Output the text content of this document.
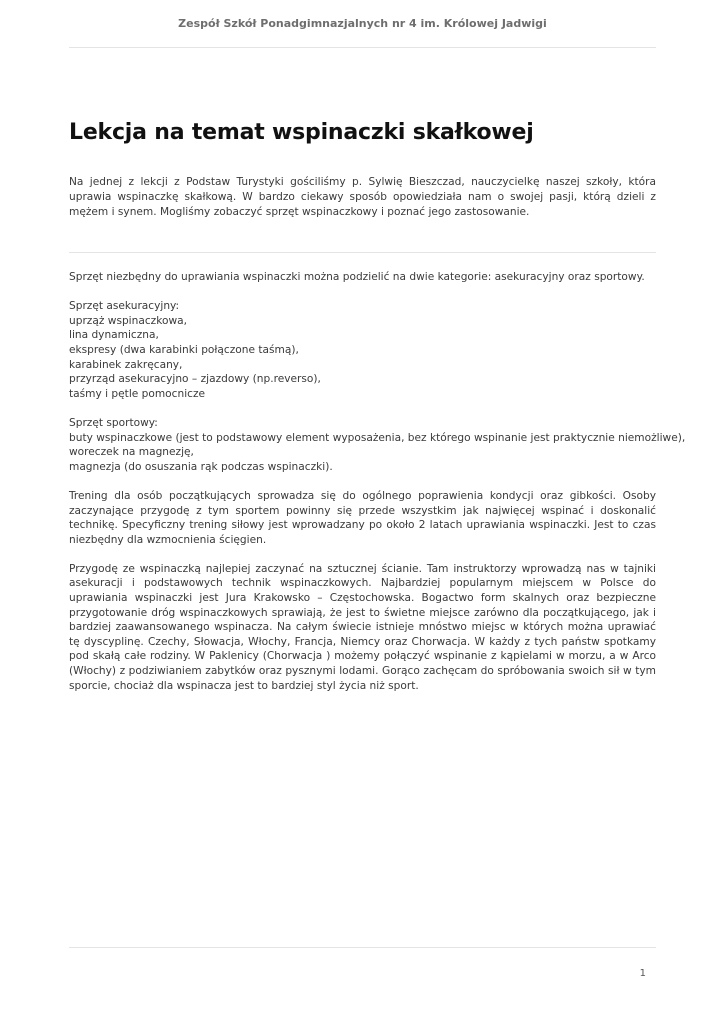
Zespół Szkół Ponadgimnazjalnych nr 4 im. Królowej Jadwigi
Lekcja na temat wspinaczki skałkowej

Na jednej z lekcji z Podstaw Turystyki gościliśmy p. Sylwię Bieszczad, nauczycielkę naszej szkoły, która uprawia wspinaczkę skałkową. W bardzo ciekawy sposób opowiedziała nam o swojej pasji, którą dzieli z mężem i synem. Mogliśmy zobaczyć sprzęt wspinaczkowy i poznać jego zastosowanie.

Sprzęt niezbędny do uprawiania wspinaczki można podzielić na dwie kategorie: asekuracyjny oraz sportowy.

Sprzęt asekuracyjny:
uprząż wspinaczkowa,
lina dynamiczna,
ekspresy (dwa karabinki połączone taśmą),
karabinek zakręcany,
przyrząd asekuracyjno – zjazdowy (np.reverso),
taśmy i pętle pomocnicze

Sprzęt sportowy:
buty wspinaczkowe (jest to podstawowy element wyposażenia, bez którego wspinanie jest praktycznie niemożliwe),
woreczek na magnezję,
magnezja (do osuszania rąk podczas wspinaczki).

Trening dla osób początkujących sprowadza się do ogólnego poprawienia kondycji oraz gibkości. Osoby zaczynające przygodę z tym sportem powinny się przede wszystkim jak najwięcej wspinać i doskonalić technikę. Specyficzny trening siłowy jest wprowadzany po około 2 latach uprawiania wspinaczki. Jest to czas niezbędny dla wzmocnienia ścięgien.

Przygodę ze wspinaczką najlepiej zaczynać na sztucznej ścianie. Tam instruktorzy wprowadzą nas w tajniki asekuracji i podstawowych technik wspinaczkowych. Najbardziej popularnym miejscem w Polsce do uprawiania wspinaczki jest Jura Krakowsko – Częstochowska. Bogactwo form skalnych oraz bezpieczne przygotowanie dróg wspinaczkowych sprawiają, że jest to świetne miejsce zarówno dla początkującego, jak i bardziej zaawansowanego wspinacza. Na całym świecie istnieje mnóstwo miejsc w których można uprawiać tę dyscyplinę. Czechy, Słowacja, Włochy, Francja, Niemcy oraz Chorwacja. W każdy z tych państw spotkamy pod skałą całe rodziny. W Paklenicy (Chorwacja ) możemy połączyć wspinanie z kąpielami w morzu, a w Arco (Włochy) z podziwianiem zabytków oraz pysznymi lodami. Gorąco zachęcam do spróbowania swoich sił w tym sporcie, chociaż dla wspinacza jest to bardziej styl życia niż sport.

1
